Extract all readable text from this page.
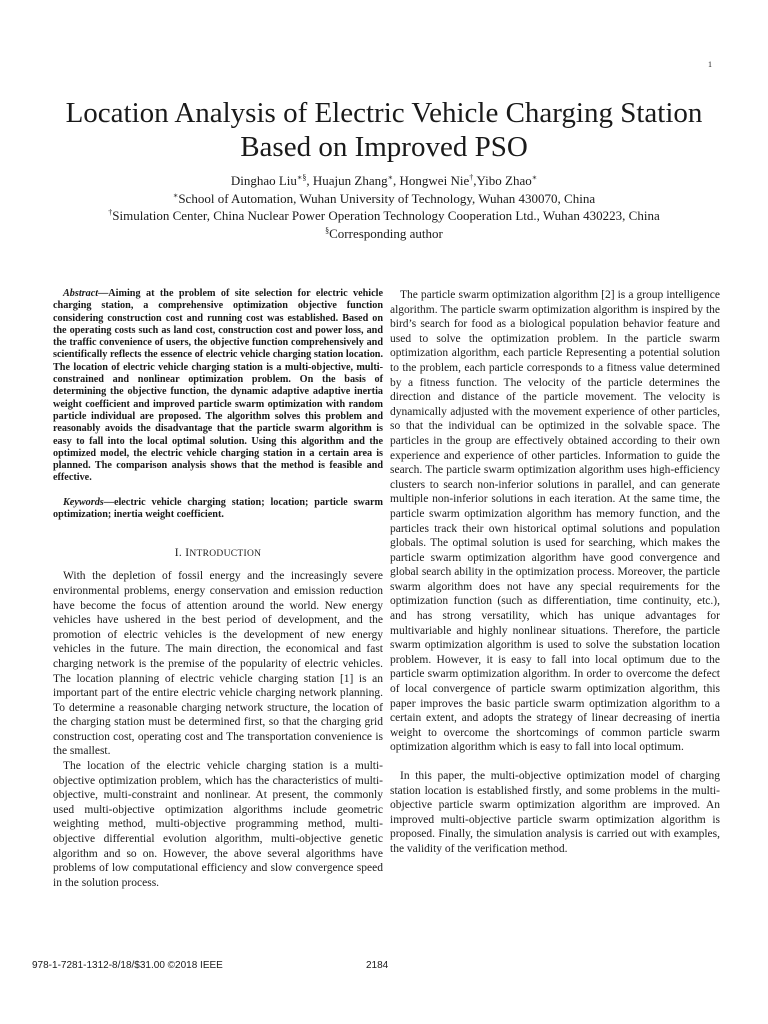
1
Location Analysis of Electric Vehicle Charging Station Based on Improved PSO
Dinghao Liu∗§, Huajun Zhang∗, Hongwei Nie†,Yibo Zhao∗
∗School of Automation, Wuhan University of Technology, Wuhan 430070, China
†Simulation Center, China Nuclear Power Operation Technology Cooperation Ltd., Wuhan 430223, China
§Corresponding author

Abstract—Aiming at the problem of site selection for electric vehicle charging station, a comprehensive optimization objective function considering construction cost and running cost was established. Based on the operating costs such as land cost, construction cost and power loss, and the traffic convenience of users, the objective function comprehensively and scientifically reflects the essence of electric vehicle charging station location. The location of electric vehicle charging station is a multi-objective, multi-constrained and nonlinear optimization problem. On the basis of determining the objective function, the dynamic adaptive adaptive inertia weight coefficient and improved particle swarm optimization with random particle individual are proposed. The algorithm solves this problem and reasonably avoids the disadvantage that the particle swarm algorithm is easy to fall into the local optimal solution. Using this algorithm and the optimized model, the electric vehicle charging station in a certain area is planned. The comparison analysis shows that the method is feasible and effective.

Keywords—electric vehicle charging station; location; particle swarm optimization; inertia weight coefficient.

I. INTRODUCTION

With the depletion of fossil energy and the increasingly severe environmental problems, energy conservation and emission reduction have become the focus of attention around the world. New energy vehicles have ushered in the best period of development, and the promotion of electric vehicles is the development of new energy vehicles in the future. The main direction, the economical and fast charging network is the premise of the popularity of electric vehicles. The location planning of electric vehicle charging station [1] is an important part of the entire electric vehicle charging network planning. To determine a reasonable charging network structure, the location of the charging station must be determined first, so that the charging grid construction cost, operating cost and The transportation convenience is the smallest.

The location of the electric vehicle charging station is a multi-objective optimization problem, which has the characteristics of multi-objective, multi-constraint and nonlinear. At present, the commonly used multi-objective optimization algorithms include geometric weighting method, multi-objective programming method, multi-objective differential evolution algorithm, multi-objective genetic algorithm and so on. However, the above several algorithms have problems of low computational efficiency and slow convergence speed in the solution process.

The particle swarm optimization algorithm [2] is a group intelligence algorithm. The particle swarm optimization algorithm is inspired by the bird’s search for food as a biological population behavior feature and used to solve the optimization problem. In the particle swarm optimization algorithm, each particle Representing a potential solution to the problem, each particle corresponds to a fitness value determined by a fitness function. The velocity of the particle determines the direction and distance of the particle movement. The velocity is dynamically adjusted with the movement experience of other particles, so that the individual can be optimized in the solvable space. The particles in the group are effectively obtained according to their own experience and experience of other particles. Information to guide the search. The particle swarm optimization algorithm uses high-efficiency clusters to search non-inferior solutions in parallel, and can generate multiple non-inferior solutions in each iteration. At the same time, the particle swarm optimization algorithm has memory function, and the particles track their own historical optimal solutions and population globals. The optimal solution is used for searching, which makes the particle swarm optimization algorithm have good convergence and global search ability in the optimization process. Moreover, the particle swarm algorithm does not have any special requirements for the optimization function (such as differentiation, time continuity, etc.), and has strong versatility, which has unique advantages for multivariable and highly nonlinear situations. Therefore, the particle swarm optimization algorithm is used to solve the substation location problem. However, it is easy to fall into local optimum due to the particle swarm optimization algorithm. In order to overcome the defect of local convergence of particle swarm optimization algorithm, this paper improves the basic particle swarm optimization algorithm to a certain extent, and adopts the strategy of linear decreasing of inertia weight to overcome the shortcomings of common particle swarm optimization algorithm which is easy to fall into local optimum.

In this paper, the multi-objective optimization model of charging station location is established firstly, and some problems in the multi-objective particle swarm optimization algorithm are improved. An improved multi-objective particle swarm optimization algorithm is proposed. Finally, the simulation analysis is carried out with examples, the validity of the verification method.

978-1-7281-1312-8/18/$31.00 ©2018 IEEE	2184
